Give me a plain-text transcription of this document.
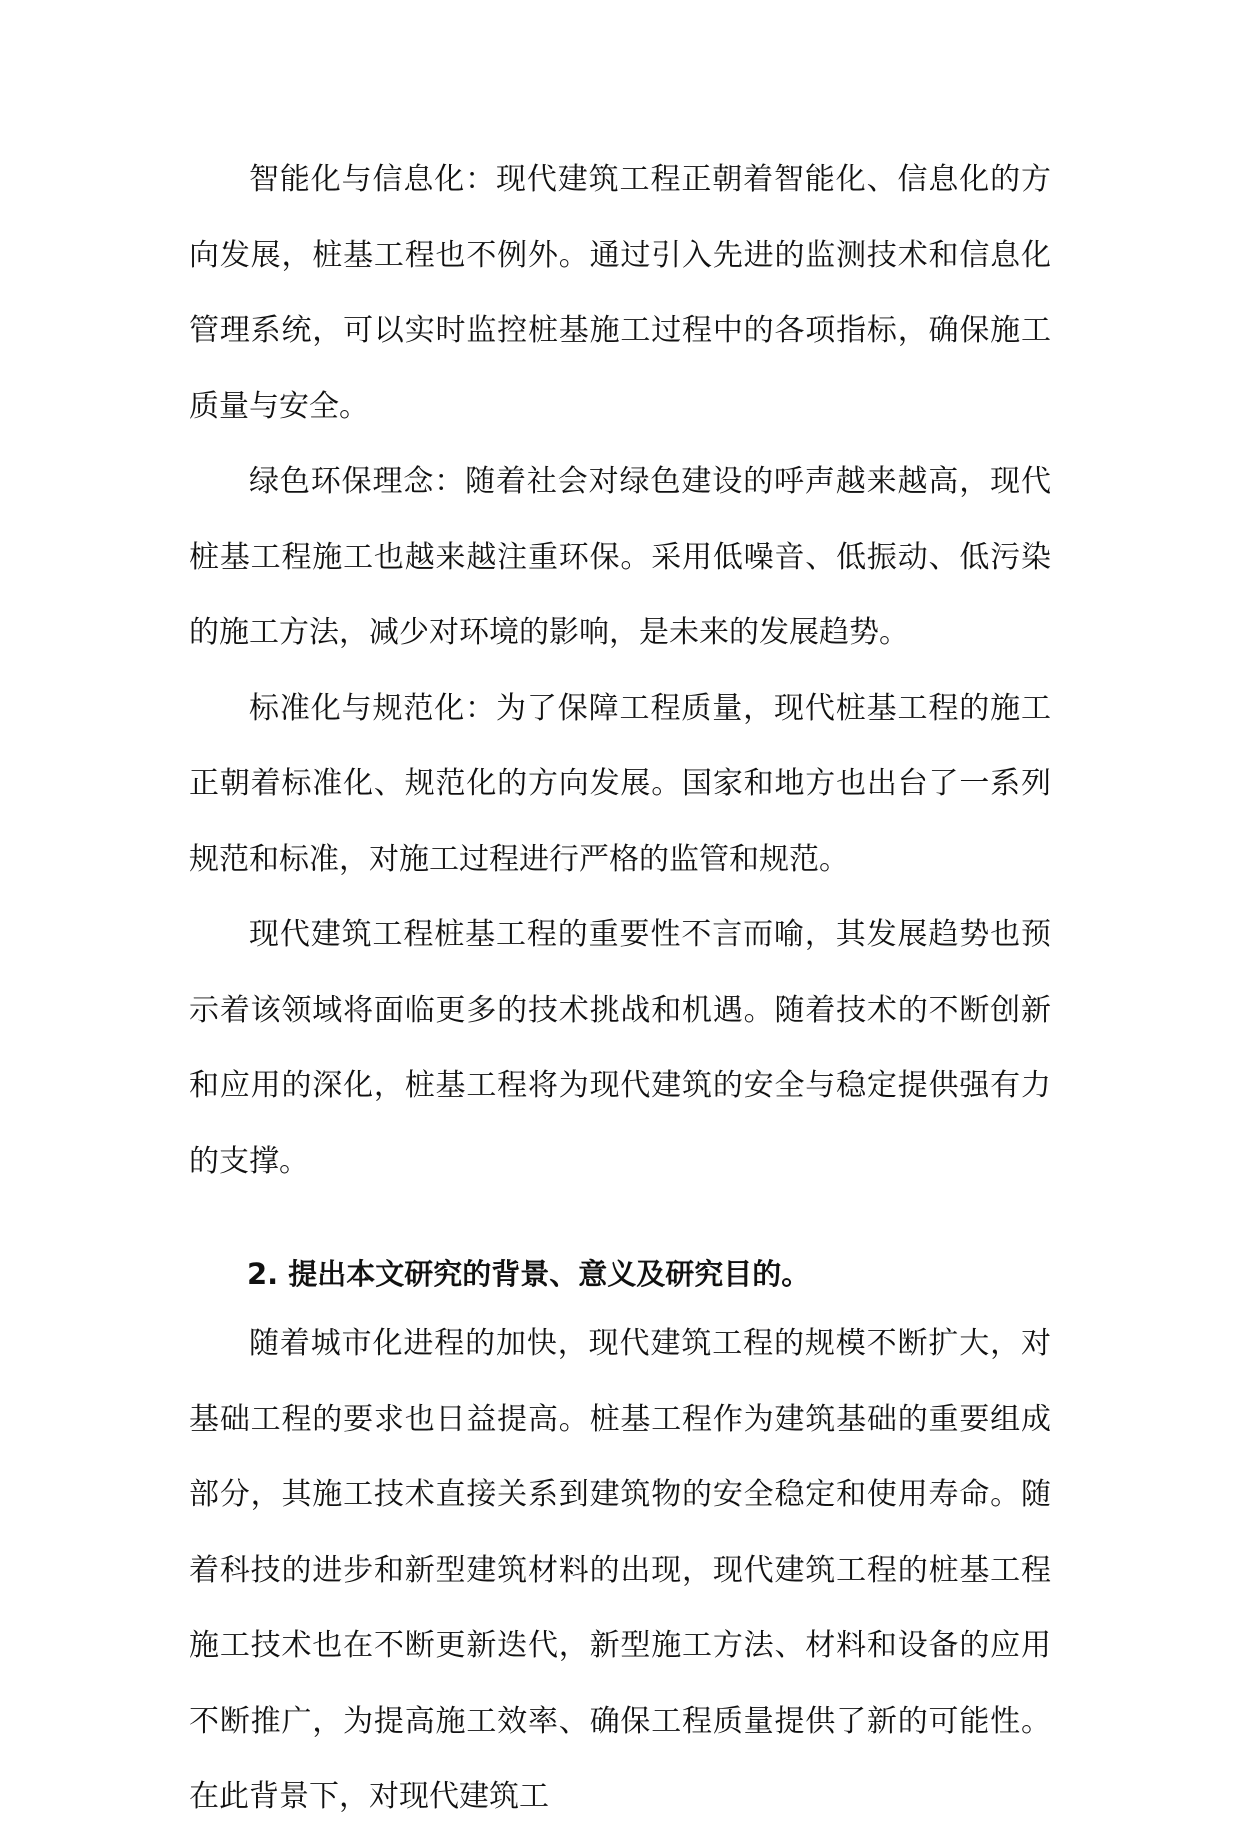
智能化与信息化：现代建筑工程正朝着智能化、信息化的方向发展，桩基工程也不例外。通过引入先进的监测技术和信息化管理系统，可以实时监控桩基施工过程中的各项指标，确保施工质量与安全。

绿色环保理念：随着社会对绿色建设的呼声越来越高，现代桩基工程施工也越来越注重环保。采用低噪音、低振动、低污染的施工方法，减少对环境的影响，是未来的发展趋势。

标准化与规范化：为了保障工程质量，现代桩基工程的施工正朝着标准化、规范化的方向发展。国家和地方也出台了一系列规范和标准，对施工过程进行严格的监管和规范。

现代建筑工程桩基工程的重要性不言而喻，其发展趋势也预示着该领域将面临更多的技术挑战和机遇。随着技术的不断创新和应用的深化，桩基工程将为现代建筑的安全与稳定提供强有力的支撑。

2. 提出本文研究的背景、意义及研究目的。

随着城市化进程的加快，现代建筑工程的规模不断扩大，对基础工程的要求也日益提高。桩基工程作为建筑基础的重要组成部分，其施工技术直接关系到建筑物的安全稳定和使用寿命。随着科技的进步和新型建筑材料的出现，现代建筑工程的桩基工程施工技术也在不断更新迭代，新型施工方法、材料和设备的应用不断推广，为提高施工效率、确保工程质量提供了新的可能性。在此背景下，对现代建筑工
